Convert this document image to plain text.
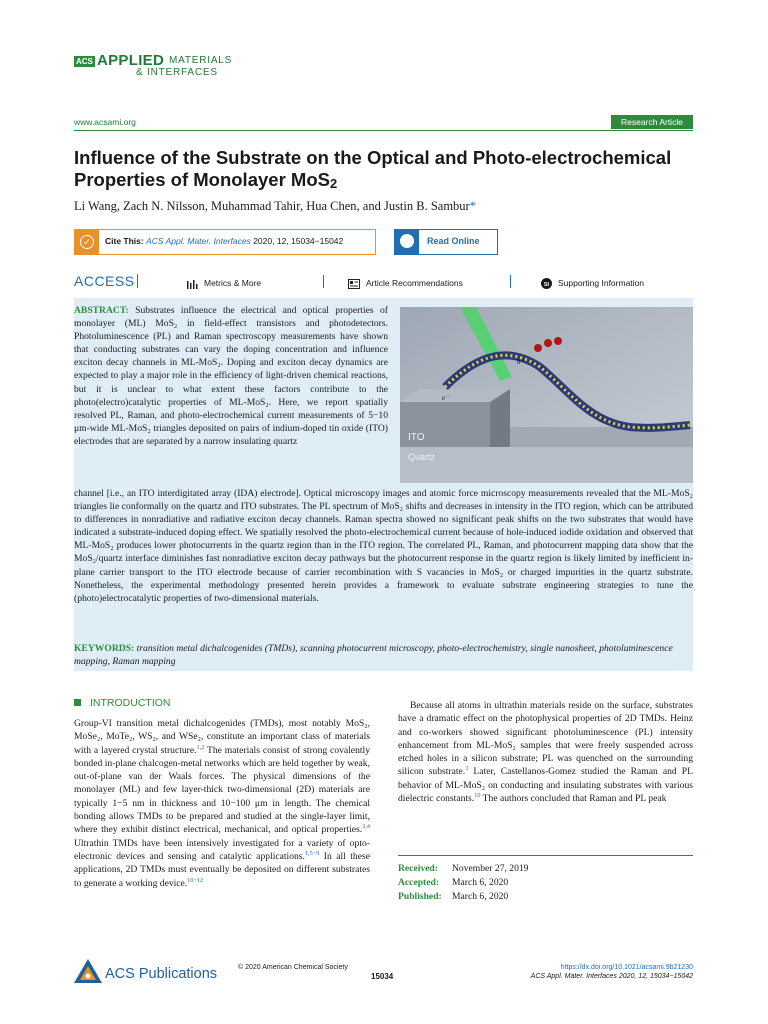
ACS APPLIED MATERIALS
& INTERFACES
www.acsami.org	Research Article
Influence of the Substrate on the Optical and Photo-electrochemical
Properties of Monolayer MoS$_2$
Li Wang, Zach N. Nilsson, Muhammad Tahir, Hua Chen, and Justin B. Sambur*
✓	Cite This: ACS Appl. Mater. Interfaces 2020, 12, 15034−15042	Read Online
ACCESS	Metrics & More	Article Recommendations	SI Supporting Information
ABSTRACT: Substrates influence the electrical and optical properties of monolayer (ML) MoS₂ in field-effect transistors and photodetectors. Photoluminescence (PL) and Raman spectroscopy measurements have shown that conducting substrates can vary the doping concentration and influence exciton decay channels in ML-MoS₂. Doping and exciton decay dynamics are expected to play a major role in the efficiency of light-driven chemical reactions, but it is unclear to what extent these factors contribute to the photo(electro)catalytic properties of ML-MoS₂. Here, we report spatially resolved PL, Raman, and photo-electrochemical current measurements of 5−10 μm-wide ML-MoS₂ triangles deposited on pairs of indium-doped tin oxide (ITO) electrodes that are separated by a narrow insulating quartz
channel [i.e., an ITO interdigitated array (IDA) electrode]. Optical microscopy images and atomic force microscopy measurements revealed that the ML-MoS₂ triangles lie conformally on the quartz and ITO substrates. The PL spectrum of MoS₂ shifts and decreases in intensity in the ITO region, which can be attributed to differences in nonradiative and radiative exciton decay channels. Raman spectra showed no significant peak shifts on the two substrates that would have indicated a substrate-induced doping effect. We spatially resolved the photo-electrochemical current because of hole-induced iodide oxidation and observed that ML-MoS₂ produces lower photocurrents in the quartz region than in the ITO region. The correlated PL, Raman, and photocurrent mapping data show that the MoS₂/quartz interface diminishes fast nonradiative exciton decay pathways but the photocurrent response in the quartz region is likely limited by inefficient in-plane carrier transport to the ITO electrode because of carrier recombination with S vacancies in MoS₂ or charged impurities in the quartz substrate. Nonetheless, the experimental methodology presented herein provides a framework to evaluate substrate engineering strategies to tune the (photo)electrocatalytic properties of two-dimensional materials.
h⁺
e⁻
ITO
Quartz
KEYWORDS: transition metal dichalcogenides (TMDs), scanning photocurrent microscopy, photo-electrochemistry, single nanosheet, photoluminescence mapping, Raman mapping
INTRODUCTION
Group-VI transition metal dichalcogenides (TMDs), most notably MoS₂, MoSe₂, MoTe₂, WS₂, and WSe₂, constitute an important class of materials with a layered crystal structure.$^{1,2}$ The materials consist of strong covalently bonded in-plane chalcogen-metal networks which are held together by weak, out-of-plane van der Waals forces. The physical dimensions of the monolayer (ML) and few layer-thick two-dimensional (2D) materials are typically 1−5 nm in thickness and 10−100 μm in length. The chemical bonding allows TMDs to be prepared and studied at the single-layer limit, where they exhibit distinct electrical, mechanical, and optical properties.$^{3,4}$ Ultrathin TMDs have been intensively investigated for a variety of opto-electronic devices and sensing and catalytic applications.$^{1,5-9}$ In all these applications, 2D TMDs must eventually be deposited on different substrates to generate a working device.$^{10-12}$
Because all atoms in ultrathin materials reside on the surface, substrates have a dramatic effect on the photophysical properties of 2D TMDs. Heinz and co-workers showed significant photoluminescence (PL) intensity enhancement from ML-MoS₂ samples that were freely suspended across etched holes in a silicon substrate; PL was quenched on the surrounding silicon substrate.$^3$ Later, Castellanos-Gomez studied the Raman and PL behavior of ML-MoS₂ on conducting and insulating substrates with various dielectric constants.$^{10}$ The authors concluded that Raman and PL peak
Received: November 27, 2019
Accepted: March 6, 2020
Published: March 6, 2020
ACS Publications	© 2020 American Chemical Society
15034
https://dx.doi.org/10.1021/acsami.9b21230
ACS Appl. Mater. Interfaces 2020, 12, 15034−15042
